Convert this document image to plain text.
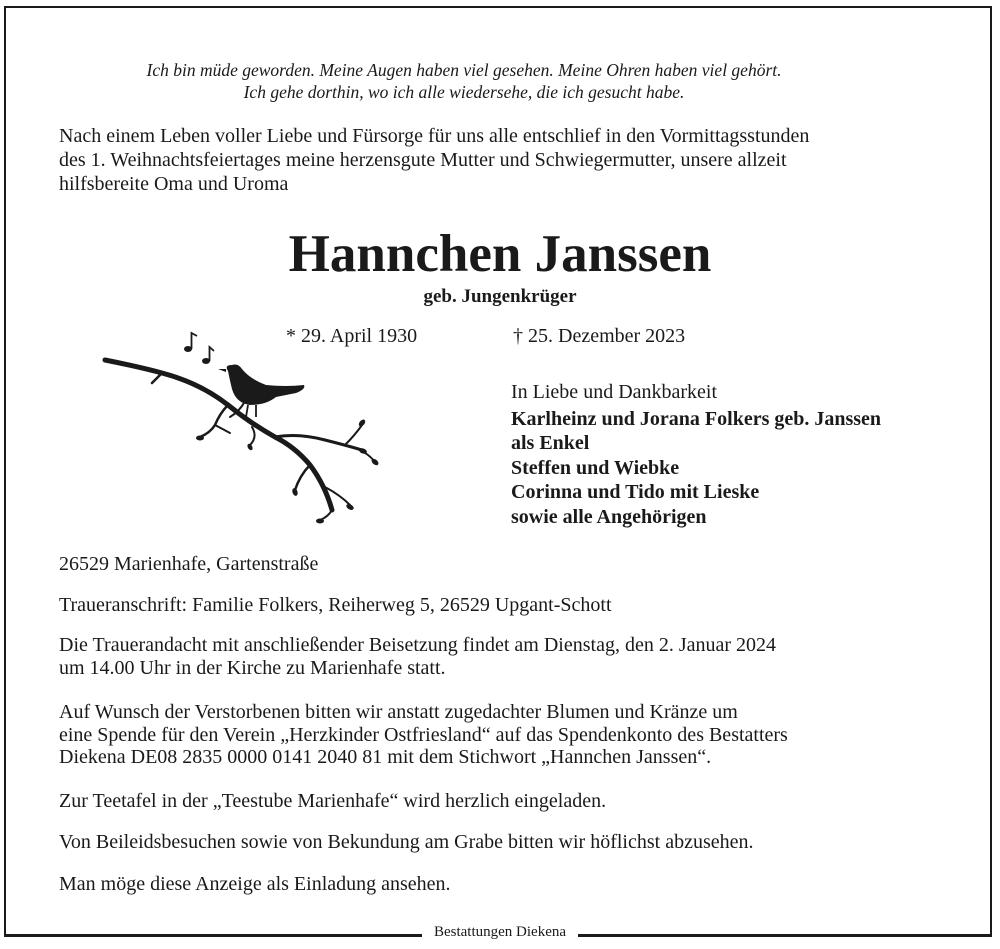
Bestattungen Diekena
Ich bin müde geworden. Meine Augen haben viel gesehen. Meine Ohren haben viel gehört.
Ich gehe dorthin, wo ich alle wiedersehe, die ich gesucht habe.
Nach einem Leben voller Liebe und Fürsorge für uns alle entschlief in den Vormittagsstunden
des 1. Weihnachtsfeiertages meine herzensgute Mutter und Schwiegermutter, unsere allzeit
hilfsbereite Oma und Uroma
Hannchen Janssen
geb. Jungenkrüger
* 29. April 1930	† 25. Dezember 2023
In Liebe und Dankbarkeit
Karlheinz und Jorana Folkers geb. Janssen
als Enkel
Steffen und Wiebke
Corinna und Tido mit Lieske
sowie alle Angehörigen
26529 Marienhafe, Gartenstraße
Traueranschrift: Familie Folkers, Reiherweg 5, 26529 Upgant-Schott
Die Trauerandacht mit anschließender Beisetzung findet am Dienstag, den 2. Januar 2024
um 14.00 Uhr in der Kirche zu Marienhafe statt.
Auf Wunsch der Verstorbenen bitten wir anstatt zugedachter Blumen und Kränze um
eine Spende für den Verein „Herzkinder Ostfriesland“ auf das Spendenkonto des Bestatters
Diekena DE08 2835 0000 0141 2040 81 mit dem Stichwort „Hannchen Janssen“.
Zur Teetafel in der „Teestube Marienhafe“ wird herzlich eingeladen.
Von Beileidsbesuchen sowie von Bekundung am Grabe bitten wir höflichst abzusehen.
Man möge diese Anzeige als Einladung ansehen.
